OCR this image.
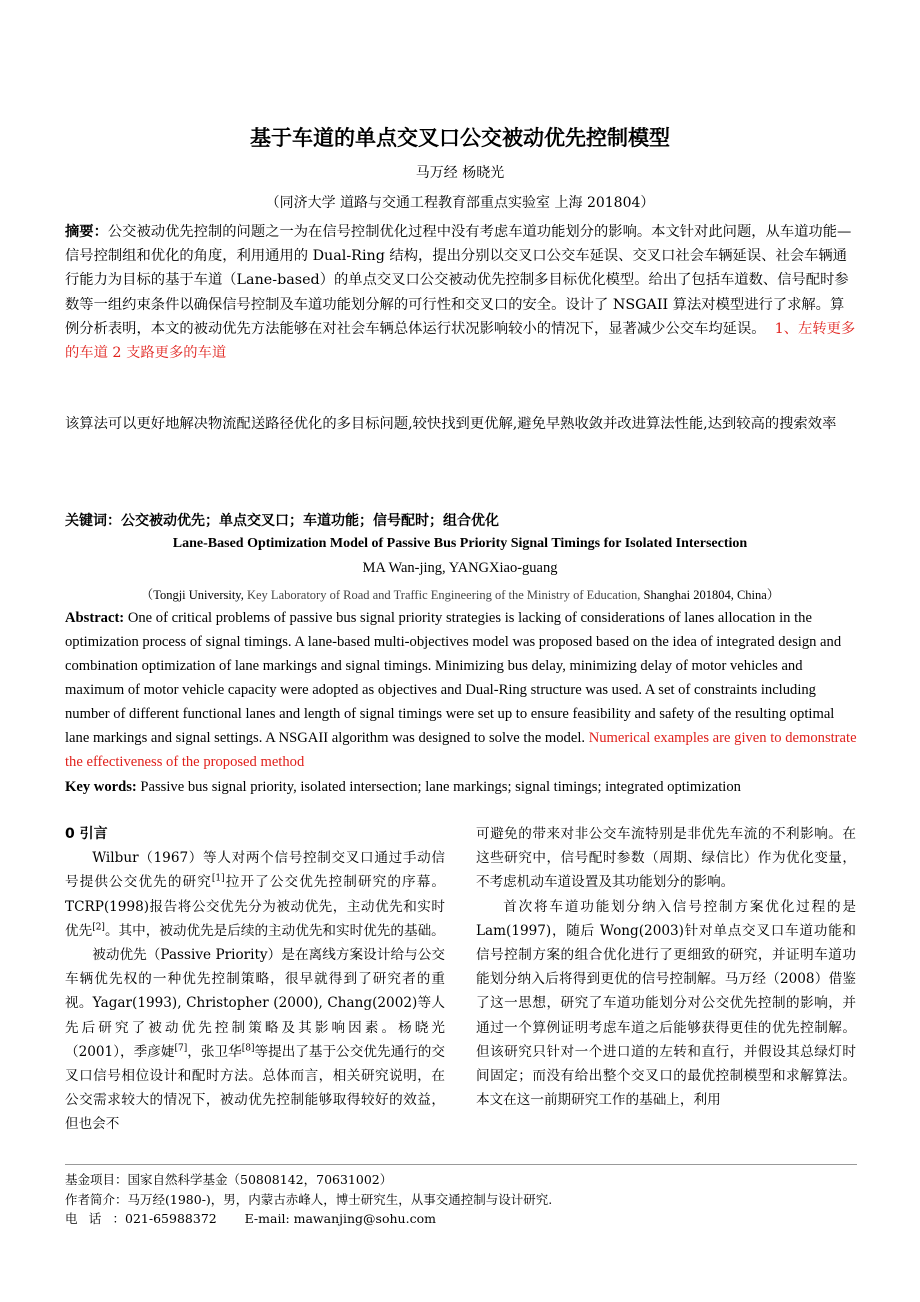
基于车道的单点交叉口公交被动优先控制模型
马万经 杨晓光
（同济大学 道路与交通工程教育部重点实验室 上海 201804）

摘要：公交被动优先控制的问题之一为在信号控制优化过程中没有考虑车道功能划分的影响。本文针对此问题，从车道功能—信号控制组和优化的角度，利用通用的 Dual-Ring 结构，提出分别以交叉口公交车延误、交叉口社会车辆延误、社会车辆通行能力为目标的基于车道（Lane-based）的单点交叉口公交被动优先控制多目标优化模型。给出了包括车道数、信号配时参数等一组约束条件以确保信号控制及车道功能划分解的可行性和交叉口的安全。设计了 NSGAII 算法对模型进行了求解。算例分析表明，本文的被动优先方法能够在对社会车辆总体运行状况影响较小的情况下，显著减少公交车均延误。 1、左转更多的车道 2 支路更多的车道

该算法可以更好地解决物流配送路径优化的多目标问题,较快找到更优解,避免早熟收敛并改进算法性能,达到较高的搜索效率

关键词：公交被动优先；单点交叉口；车道功能；信号配时；组合优化
Lane-Based Optimization Model of Passive Bus Priority Signal Timings for Isolated Intersection
MA Wan-jing, YANGXiao-guang
（Tongji University, Key Laboratory of Road and Traffic Engineering of the Ministry of Education, Shanghai 201804, China）

Abstract: One of critical problems of passive bus signal priority strategies is lacking of considerations of lanes allocation in the optimization process of signal timings. A lane-based multi-objectives model was proposed based on the idea of integrated design and combination optimization of lane markings and signal timings. Minimizing bus delay, minimizing delay of motor vehicles and maximum of motor vehicle capacity were adopted as objectives and Dual-Ring structure was used. A set of constraints including number of different functional lanes and length of signal timings were set up to ensure feasibility and safety of the resulting optimal lane markings and signal settings. A NSGAII algorithm was designed to solve the model. Numerical examples are given to demonstrate the effectiveness of the proposed method

Key words: Passive bus signal priority, isolated intersection; lane markings; signal timings; integrated optimization

0 引言

Wilbur（1967）等人对两个信号控制交叉口通过手动信号提供公交优先的研究[1]拉开了公交优先控制研究的序幕。TCRP(1998)报告将公交优先分为被动优先，主动优先和实时优先[2]。其中，被动优先是后续的主动优先和实时优先的基础。

被动优先（Passive Priority）是在离线方案设计给与公交车辆优先权的一种优先控制策略，很早就得到了研究者的重视。Yagar(1993), Christopher (2000), Chang(2002)等人先后研究了被动优先控制策略及其影响因素。杨晓光（2001），季彦婕[7]，张卫华[8]等提出了基于公交优先通行的交叉口信号相位设计和配时方法。总体而言，相关研究说明，在公交需求较大的情况下，被动优先控制能够取得较好的效益，但也会不

可避免的带来对非公交车流特别是非优先车流的不利影响。在这些研究中，信号配时参数（周期、绿信比）作为优化变量，不考虑机动车道设置及其功能划分的影响。

首次将车道功能划分纳入信号控制方案优化过程的是 Lam(1997)，随后 Wong(2003)针对单点交叉口车道功能和信号控制方案的组合优化进行了更细致的研究，并证明车道功能划分纳入后将得到更优的信号控制解。马万经（2008）借鉴了这一思想，研究了车道功能划分对公交优先控制的影响，并通过一个算例证明考虑车道之后能够获得更佳的优先控制解。但该研究只针对一个进口道的左转和直行，并假设其总绿灯时间固定；而没有给出整个交叉口的最优控制模型和求解算法。本文在这一前期研究工作的基础上，利用

基金项目：国家自然科学基金（50808142，70631002）
作者简介：马万经(1980-)，男，内蒙古赤峰人，博士研究生，从事交通控制与设计研究.
电话：021-65988372 E-mail: mawanjing@sohu.com
